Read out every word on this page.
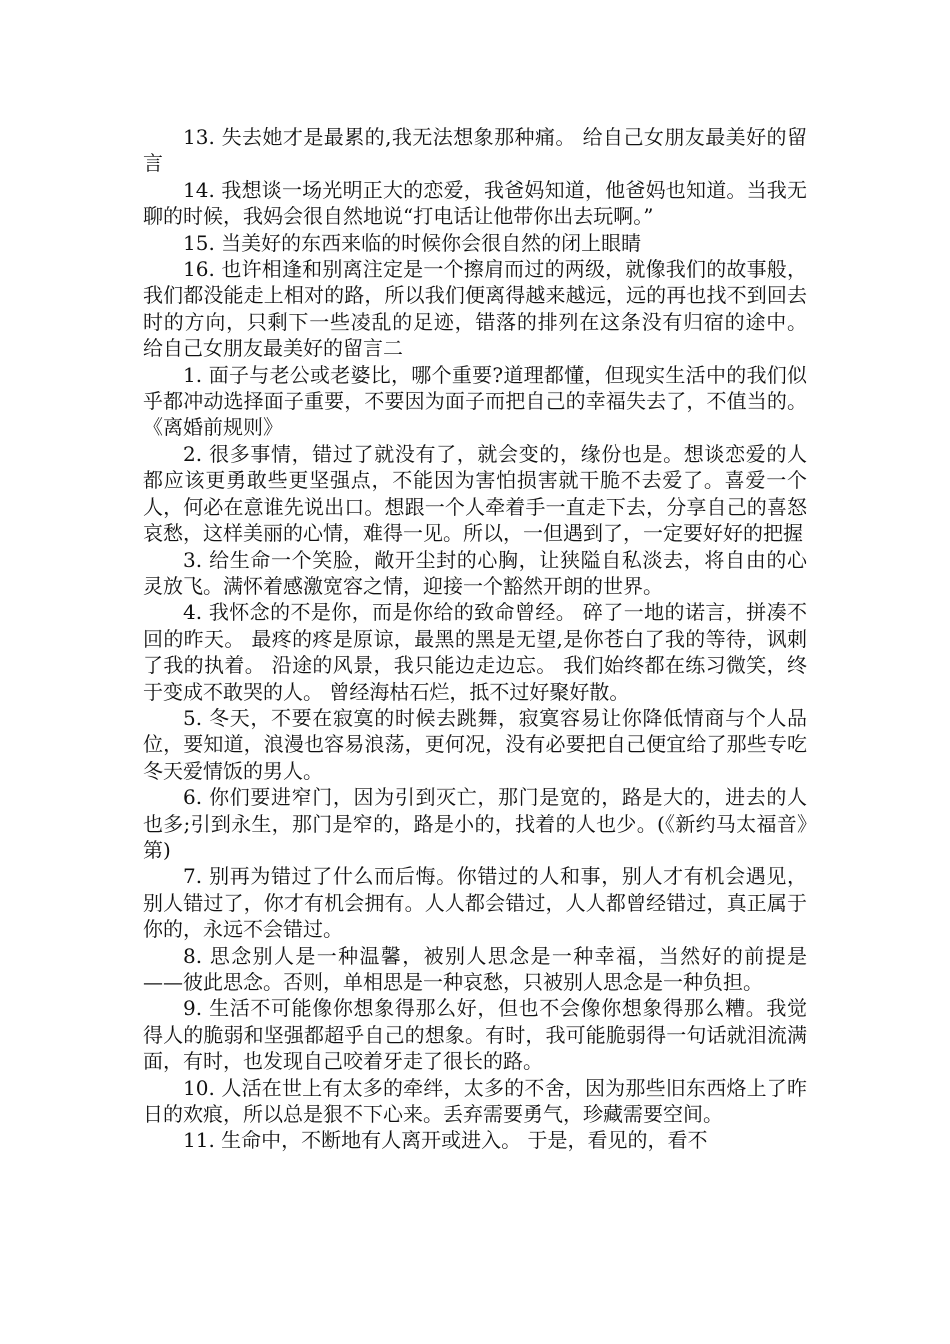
13. 失去她才是最累的,我无法想象那种痛。 给自己女朋友最美好的留言

14. 我想谈一场光明正大的恋爱，我爸妈知道，他爸妈也知道。当我无聊的时候，我妈会很自然地说“打电话让他带你出去玩啊。”

15. 当美好的东西来临的时候你会很自然的闭上眼睛

16. 也许相逢和别离注定是一个擦肩而过的两级，就像我们的故事般，我们都没能走上相对的路，所以我们便离得越来越远，远的再也找不到回去时的方向，只剩下一些凌乱的足迹，错落的排列在这条没有归宿的途中。 给自己女朋友最美好的留言二

1. 面子与老公或老婆比，哪个重要?道理都懂，但现实生活中的我们似乎都冲动选择面子重要，不要因为面子而把自己的幸福失去了，不值当的。 《离婚前规则》

2. 很多事情，错过了就没有了，就会变的，缘份也是。想谈恋爱的人都应该更勇敢些更坚强点，不能因为害怕损害就干脆不去爱了。喜爱一个人，何必在意谁先说出口。想跟一个人牵着手一直走下去，分享自己的喜怒哀愁，这样美丽的心情，难得一见。所以，一但遇到了，一定要好好的把握

3. 给生命一个笑脸，敞开尘封的心胸，让狭隘自私淡去，将自由的心灵放飞。满怀着感激宽容之情，迎接一个豁然开朗的世界。

4. 我怀念的不是你，而是你给的致命曾经。 碎了一地的诺言，拼凑不回的昨天。 最疼的疼是原谅，最黑的黑是无望,是你苍白了我的等待，讽刺了我的执着。 沿途的风景，我只能边走边忘。 我们始终都在练习微笑，终于变成不敢哭的人。 曾经海枯石烂，抵不过好聚好散。

5. 冬天，不要在寂寞的时候去跳舞，寂寞容易让你降低情商与个人品位，要知道，浪漫也容易浪荡，更何况，没有必要把自己便宜给了那些专吃冬天爱情饭的男人。

6. 你们要进窄门，因为引到灭亡，那门是宽的，路是大的，进去的人也多;引到永生，那门是窄的，路是小的，找着的人也少。(《新约马太福音》第)

7. 别再为错过了什么而后悔。你错过的人和事，别人才有机会遇见，别人错过了，你才有机会拥有。人人都会错过，人人都曾经错过，真正属于你的，永远不会错过。

8. 思念别人是一种温馨，被别人思念是一种幸福，当然好的前提是——彼此思念。否则，单相思是一种哀愁，只被别人思念是一种负担。

9. 生活不可能像你想象得那么好，但也不会像你想象得那么糟。我觉得人的脆弱和坚强都超乎自己的想象。有时，我可能脆弱得一句话就泪流满面，有时，也发现自己咬着牙走了很长的路。

10. 人活在世上有太多的牵绊，太多的不舍，因为那些旧东西烙上了昨日的欢痕，所以总是狠不下心来。丢弃需要勇气，珍藏需要空间。

11. 生命中，不断地有人离开或进入。 于是，看见的，看不
